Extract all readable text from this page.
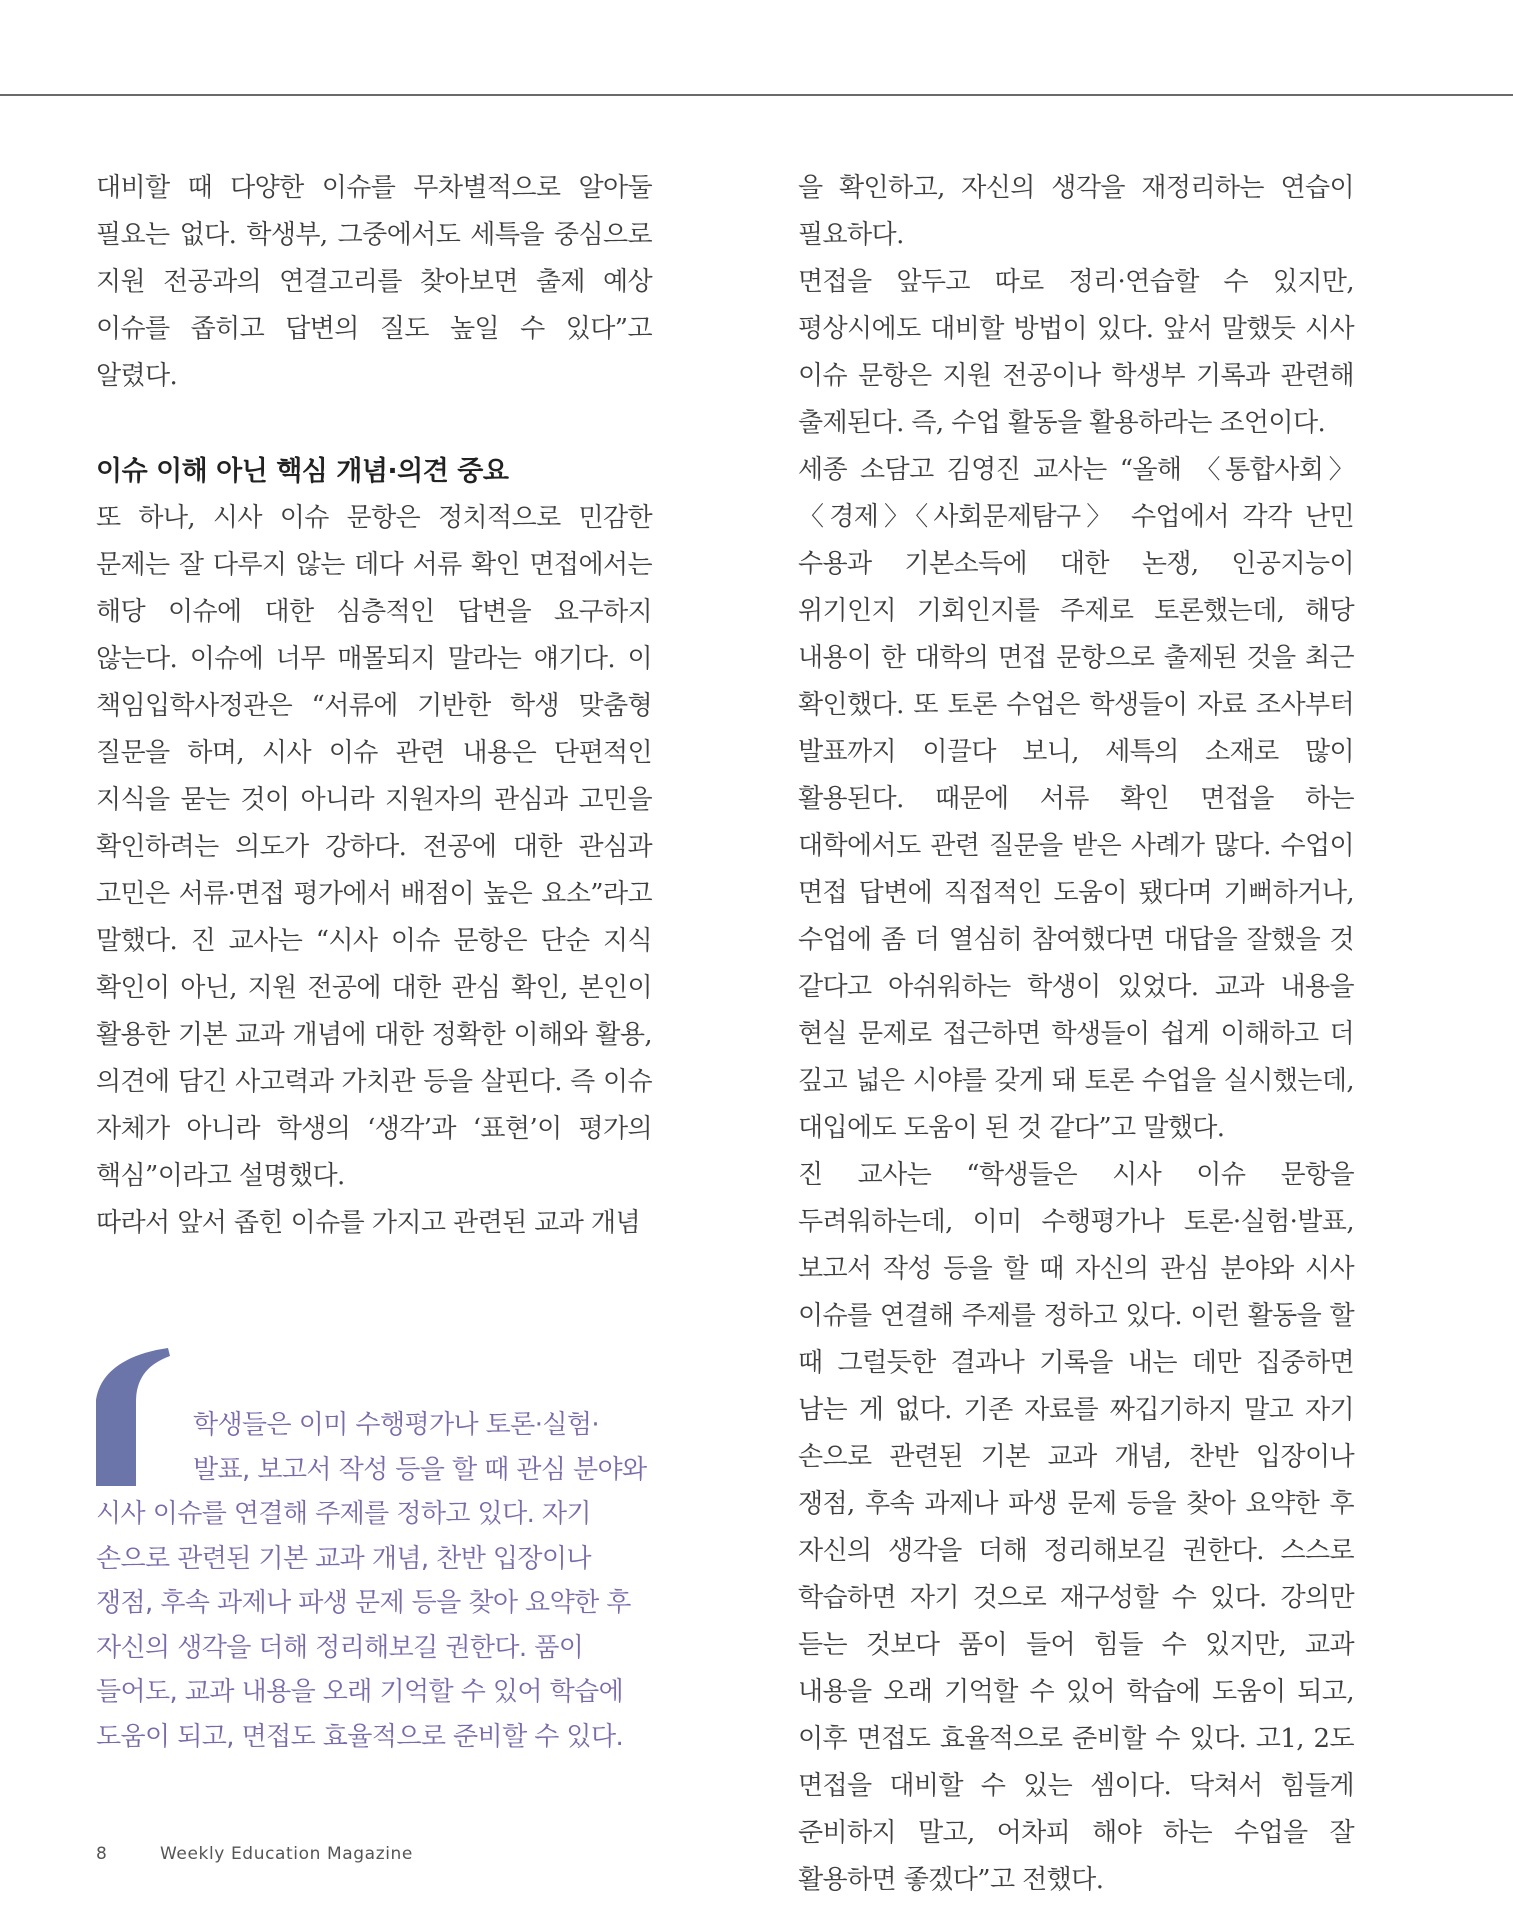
대비할 때 다양한 이슈를 무차별적으로 알아둘 필요는 없다. 학생부, 그중에서도 세특을 중심으로 지원 전공과의 연결고리를 찾아보면 출제 예상 이슈를 좁히고 답변의 질도 높일 수 있다”고 알렸다.

이슈 이해 아닌 핵심 개념·의견 중요

또 하나, 시사 이슈 문항은 정치적으로 민감한 문제는 잘 다루지 않는 데다 서류 확인 면접에서는 해당 이슈에 대한 심층적인 답변을 요구하지 않는다. 이슈에 너무 매몰되지 말라는 얘기다. 이 책임입학사정관은 “서류에 기반한 학생 맞춤형 질문을 하며, 시사 이슈 관련 내용은 단편적인 지식을 묻는 것이 아니라 지원자의 관심과 고민을 확인하려는 의도가 강하다. 전공에 대한 관심과 고민은 서류·면접 평가에서 배점이 높은 요소”라고 말했다. 진 교사는 “시사 이슈 문항은 단순 지식 확인이 아닌, 지원 전공에 대한 관심 확인, 본인이 활용한 기본 교과 개념에 대한 정확한 이해와 활용, 의견에 담긴 사고력과 가치관 등을 살핀다. 즉 이슈 자체가 아니라 학생의 ‘생각’과 ‘표현’이 평가의 핵심”이라고 설명했다.

따라서 앞서 좁힌 이슈를 가지고 관련된 교과 개념

학생들은 이미 수행평가나 토론·실험·발표, 보고서 작성 등을 할 때 관심 분야와 시사 이슈를 연결해 주제를 정하고 있다. 자기 손으로 관련된 기본 교과 개념, 찬반 입장이나 쟁점, 후속 과제나 파생 문제 등을 찾아 요약한 후 자신의 생각을 더해 정리해보길 권한다. 품이 들어도, 교과 내용을 오래 기억할 수 있어 학습에 도움이 되고, 면접도 효율적으로 준비할 수 있다.

을 확인하고, 자신의 생각을 재정리하는 연습이 필요하다.

면접을 앞두고 따로 정리·연습할 수 있지만, 평상시에도 대비할 방법이 있다. 앞서 말했듯 시사 이슈 문항은 지원 전공이나 학생부 기록과 관련해 출제된다. 즉, 수업 활동을 활용하라는 조언이다.

세종 소담고 김영진 교사는 “올해 〈통합사회〉〈경제〉〈사회문제탐구〉 수업에서 각각 난민 수용과 기본소득에 대한 논쟁, 인공지능이 위기인지 기회인지를 주제로 토론했는데, 해당 내용이 한 대학의 면접 문항으로 출제된 것을 최근 확인했다. 또 토론 수업은 학생들이 자료 조사부터 발표까지 이끌다 보니, 세특의 소재로 많이 활용된다. 때문에 서류 확인 면접을 하는 대학에서도 관련 질문을 받은 사례가 많다. 수업이 면접 답변에 직접적인 도움이 됐다며 기뻐하거나, 수업에 좀 더 열심히 참여했다면 대답을 잘했을 것 같다고 아쉬워하는 학생이 있었다. 교과 내용을 현실 문제로 접근하면 학생들이 쉽게 이해하고 더 깊고 넓은 시야를 갖게 돼 토론 수업을 실시했는데, 대입에도 도움이 된 것 같다”고 말했다.

진 교사는 “학생들은 시사 이슈 문항을 두려워하는데, 이미 수행평가나 토론·실험·발표, 보고서 작성 등을 할 때 자신의 관심 분야와 시사 이슈를 연결해 주제를 정하고 있다. 이런 활동을 할 때 그럴듯한 결과나 기록을 내는 데만 집중하면 남는 게 없다. 기존 자료를 짜깁기하지 말고 자기 손으로 관련된 기본 교과 개념, 찬반 입장이나 쟁점, 후속 과제나 파생 문제 등을 찾아 요약한 후 자신의 생각을 더해 정리해보길 권한다. 스스로 학습하면 자기 것으로 재구성할 수 있다. 강의만 듣는 것보다 품이 들어 힘들 수 있지만, 교과 내용을 오래 기억할 수 있어 학습에 도움이 되고, 이후 면접도 효율적으로 준비할 수 있다. 고1, 2도 면접을 대비할 수 있는 셈이다. 닥쳐서 힘들게 준비하지 말고, 어차피 해야 하는 수업을 잘 활용하면 좋겠다”고 전했다.

8	Weekly Education Magazine
